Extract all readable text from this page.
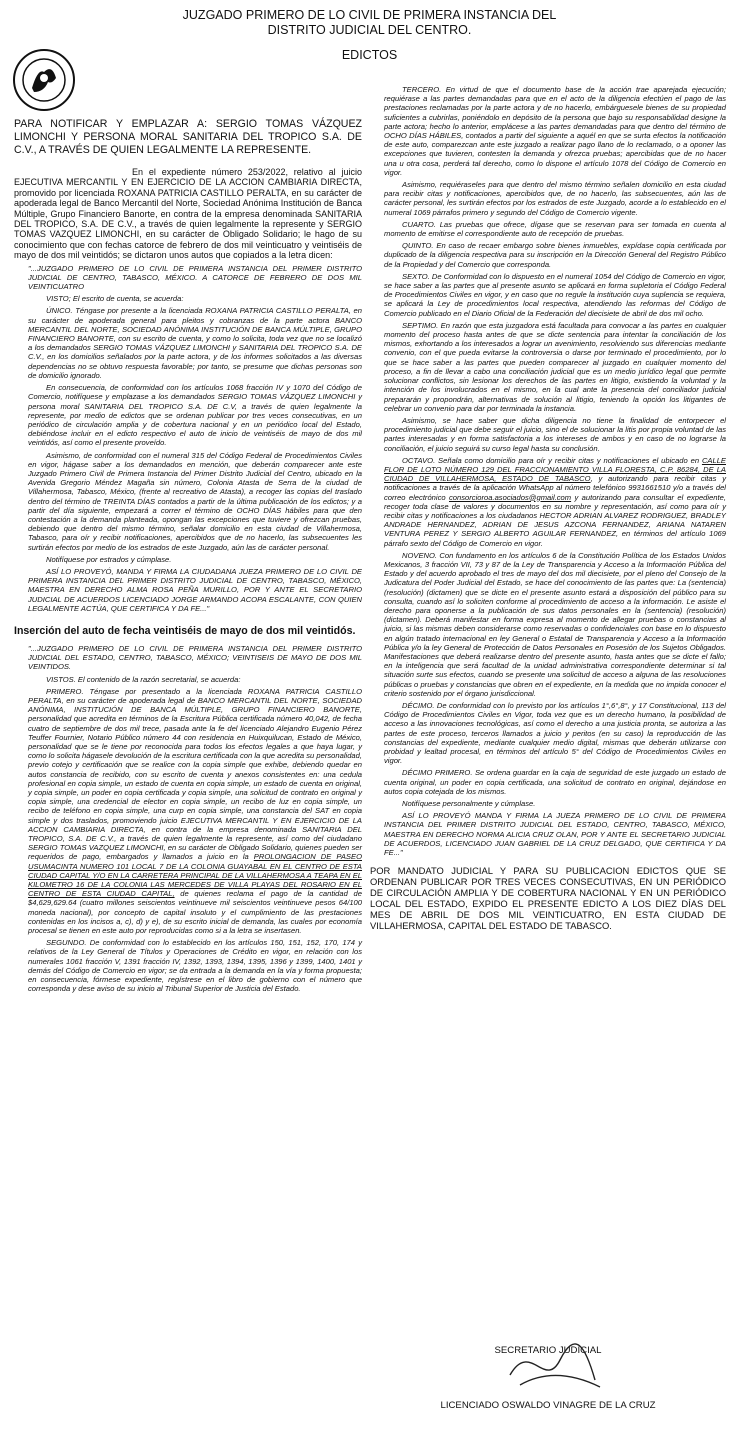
JUZGADO PRIMERO DE LO CIVIL DE PRIMERA INSTANCIA DEL
DISTRITO JUDICIAL DEL CENTRO.
EDICTOS

PARA NOTIFICAR Y EMPLAZAR A: SERGIO TOMAS VÁZQUEZ LIMONCHI Y PERSONA MORAL SANITARIA DEL TROPICO S.A. DE C.V., A TRAVÉS DE QUIEN LEGALMENTE LA REPRESENTE.

En el expediente número 253/2022, relativo al juicio EJECUTIVA MERCANTIL Y EN EJERCICIO DE LA ACCION CAMBIARIA DIRECTA, promovido por licenciada ROXANA PATRICIA CASTILLO PERALTA, en su carácter de apoderada legal de Banco Mercantil del Norte, Sociedad Anónima Institución de Banca Múltiple, Grupo Financiero Banorte, en contra de la empresa denominada SANITARIA DEL TROPICO, S.A. DE C.V., a través de quien legalmente la represente y SERGIO TOMAS VAZQUEZ LIMONCHI, en su carácter de Obligado Solidario; le hago de su conocimiento que con fechas catorce de febrero de dos mil veinticuatro y veintiséis de mayo de dos mil veintidós; se dictaron unos autos que copiados a la letra dicen:

"...JUZGADO PRIMERO DE LO CIVIL DE PRIMERA INSTANCIA DEL PRIMER DISTRITO JUDICIAL DE CENTRO, TABASCO, MÉXICO. A CATORCE DE FEBRERO DE DOS MIL VEINTICUATRO

VISTO; El escrito de cuenta, se acuerda:

ÚNICO. Téngase por presente a la licenciada ROXANA PATRICIA CASTILLO PERALTA, en su carácter de apoderada general para pleitos y cobranzas de la parte actora BANCO MERCANTIL DEL NORTE, SOCIEDAD ANÓNIMA INSTITUCIÓN DE BANCA MÚLTIPLE, GRUPO FINANCIERO BANORTE, con su escrito de cuenta, y como lo solicita, toda vez que no se localizó a los demandados SERGIO TOMAS VÁZQUEZ LIMONCHI y SANITARIA DEL TROPICO S.A. DE C.V., en los domicilios señalados por la parte actora, y de los informes solicitados a las diversas dependencias no se obtuvo respuesta favorable; por tanto, se presume que dichas personas son de domicilio ignorado.

En consecuencia, de conformidad con los artículos 1068 fracción IV y 1070 del Código de Comercio, notifíquese y emplazase a los demandados SERGIO TOMAS VÁZQUEZ LIMONCHI y persona moral SANITARIA DEL TROPICO S.A. DE C.V, a través de quien legalmente la represente, por medio de edictos que se ordenan publicar por tres veces consecutivas, en un periódico de circulación amplia y de cobertura nacional y en un periódico local del Estado, debiéndose incluir en el edicto respectivo el auto de inicio de veintiséis de mayo de dos mil veintidós, así como el presente proveído.

Asimismo, de conformidad con el numeral 315 del Código Federal de Procedimientos Civiles en vigor, hágase saber a los demandados en mención, que deberán comparecer ante este Juzgado Primero Civil de Primera Instancia del Primer Distrito Judicial del Centro, ubicado en la Avenida Gregorio Méndez Magaña sin número, Colonia Atasta de Serra de la ciudad de Villahermosa, Tabasco, México, (frente al recreativo de Atasta), a recoger las copias del traslado dentro del término de TREINTA DÍAS contados a partir de la última publicación de los edictos; y a partir del día siguiente, empezará a correr el término de OCHO DÍAS hábiles para que den contestación a la demanda planteada, opongan las excepciones que tuviere y ofrezcan pruebas, debiendo que dentro del mismo término, señalar domicilio en esta ciudad de Villahermosa, Tabasco, para oír y recibir notificaciones, apercibidos que de no hacerlo, las subsecuentes les surtirán efectos por medio de los estrados de este Juzgado, aún las de carácter personal.

Notifíquese por estrados y cúmplase.

ASÍ LO PROVEYÓ, MANDA Y FIRMA LA CIUDADANA JUEZA PRIMERO DE LO CIVIL DE PRIMERA INSTANCIA DEL PRIMER DISTRITO JUDICIAL DE CENTRO, TABASCO, MÉXICO, MAESTRA EN DERECHO ALMA ROSA PEÑA MURILLO, POR Y ANTE EL SECRETARIO JUDICIAL DE ACUERDOS LICENCIADO JORGE ARMANDO ACOPA ESCALANTE, CON QUIEN LEGALMENTE ACTÚA, QUE CERTIFICA Y DA FE..."

Inserción del auto de fecha veintiséis de mayo de dos mil veintidós.

"...JUZGADO PRIMERO DE LO CIVIL DE PRIMERA INSTANCIA DEL PRIMER DISTRITO JUDICIAL DEL ESTADO, CENTRO, TABASCO, MÉXICO; VEINTISEIS DE MAYO DE DOS MIL VEINTIDOS.

VISTOS. El contenido de la razón secretarial, se acuerda:

PRIMERO. Téngase por presentado a la licenciada ROXANA PATRICIA CASTILLO PERALTA, en su carácter de apoderada legal de BANCO MERCANTIL DEL NORTE, SOCIEDAD ANÓNIMA, INSTITUCIÓN DE BANCA MÚLTIPLE, GRUPO FINANCIERO BANORTE, personalidad que acredita en términos de la Escritura Pública certificada número 40,042, de fecha cuatro de septiembre de dos mil trece, pasada ante la fe del licenciado Alejandro Eugenio Pérez Teuffer Fournier, Notario Público número 44 con residencia en Huixquilucan, Estado de México, personalidad que se le tiene por reconocida para todos los efectos legales a que haya lugar, y como lo solicita hágasele devolución de la escritura certificada con la que acredita su personalidad, previo cotejo y certificación que se realice con la copia simple que exhibe, debiendo quedar en autos constancia de recibido, con su escrito de cuenta y anexos consistentes en: una cedula profesional en copia simple, un estado de cuenta en copia simple, un estado de cuenta en original, y copia simple, un poder en copia certificada y copia simple, una solicitud de contrato en original y copia simple, una credencial de elector en copia simple, un recibo de luz en copia simple, un recibo de teléfono en copia simple, una curp en copia simple, una constancia del SAT en copia simple y dos traslados, promoviendo juicio EJECUTIVA MERCANTIL Y EN EJERCICIO DE LA ACCION CAMBIARIA DIRECTA, en contra de la empresa denominada SANITARIA DEL TROPICO, S.A. DE C.V., a través de quien legalmente la represente, así como del ciudadano SERGIO TOMAS VAZQUEZ LIMONCHI, en su carácter de Obligado Solidario, quienes pueden ser requeridos de pago, embargados y llamados a juicio en la PROLONGACION DE PASEO USUMACINTA NUMERO 101 LOCAL 7 DE LA COLONIA GUAYABAL EN EL CENTRO DE ESTA CIUDAD CAPITAL Y/O EN LA CARRETERA PRINCIPAL DE LA VILLAHERMOSA A TEAPA EN EL KILOMETRO 16 DE LA COLONIA LAS MERCEDES DE VILLA PLAYAS DEL ROSARIO EN EL CENTRO DE ESTA CIUDAD CAPITAL, de quienes reclama el pago de la cantidad de $4,629,629.64 (cuatro millones seiscientos veintinueve mil seiscientos veintinueve pesos 64/100 moneda nacional), por concepto de capital insoluto y el cumplimiento de las prestaciones contenidas en los incisos a, c), d) y e), de su escrito inicial de demanda, las cuales por economía procesal se tienen en este auto por reproducidas como si a la letra se insertasen.

SEGUNDO. De conformidad con lo establecido en los artículos 150, 151, 152, 170, 174 y relativos de la Ley General de Títulos y Operaciones de Crédito en vigor, en relación con los numerales 1061 fracción V, 1391 fracción IV, 1392, 1393, 1394, 1395, 1396 y 1399, 1400, 1401 y demás del Código de Comercio en vigor; se da entrada a la demanda en la vía y forma propuesta; en consecuencia, fórmese expediente, regístrese en el libro de gobierno con el número que corresponda y dese aviso de su inicio al Tribunal Superior de Justicia del Estado.

TERCERO. En virtud de que el documento base de la acción trae aparejada ejecución; requiérase a las partes demandadas para que en el acto de la diligencia efectúen el pago de las prestaciones reclamadas por la parte actora y de no hacerlo, embárguesele bienes de su propiedad suficientes a cubrirlas, poniéndolo en depósito de la persona que bajo su responsabilidad designe la parte actora; hecho lo anterior, emplácese a las partes demandadas para que dentro del término de OCHO DÍAS HÁBILES, contados a partir del siguiente a aquél en que se surta efectos la notificación de este auto, comparezcan ante este juzgado a realizar pago llano de lo reclamado, o a oponer las excepciones que tuvieren, contesten la demanda y ofrezca pruebas; apercibidas que de no hacer una u otra cosa, perderá tal derecho, como lo dispone el artículo 1078 del Código de Comercio en vigor.

Asimismo, requiéraseles para que dentro del mismo término señalen domicilio en esta ciudad para recibir citas y notificaciones, apercibidos que, de no hacerlo, las subsecuentes, aún las de carácter personal, les surtirán efectos por los estrados de este Juzgado, acorde a lo establecido en el numeral 1069 párrafos primero y segundo del Código de Comercio vigente.

CUARTO. Las pruebas que ofrece, dígase que se reservan para ser tomada en cuenta al momento de emitirse el correspondiente auto de recepción de pruebas.

QUINTO. En caso de recaer embargo sobre bienes inmuebles, expídase copia certificada por duplicado de la diligencia respectiva para su inscripción en la Dirección General del Registro Público de la Propiedad y del Comercio que corresponda.

SEXTO. De Conformidad con lo dispuesto en el numeral 1054 del Código de Comercio en vigor, se hace saber a las partes que al presente asunto se aplicará en forma supletoria el Código Federal de Procedimientos Civiles en vigor, y en caso que no regule la institución cuya suplencia se requiera, se aplicará la Ley de procedimientos local respectiva, atendiendo las reformas del Código de Comercio publicado en el Diario Oficial de la Federación del diecisiete de abril de dos mil ocho.

SEPTIMO. En razón que esta juzgadora está facultada para convocar a las partes en cualquier momento del proceso hasta antes de que se dicte sentencia para intentar la conciliación de los mismos, exhortando a los interesados a lograr un avenimiento, resolviendo sus diferencias mediante convenio, con el que pueda evitarse la controversia o darse por terminado el procedimiento, por lo que se hace saber a las partes que pueden comparecer al juzgado en cualquier momento del proceso, a fin de llevar a cabo una conciliación judicial que es un medio jurídico legal que permite solucionar conflictos, sin lesionar los derechos de las partes en litigio, existiendo la voluntad y la intención de los involucrados en el mismo, en la cual ante la presencia del conciliador judicial prepararán y propondrán, alternativas de solución al litigio, teniendo la opción los litigantes de celebrar un convenio para dar por terminada la instancia.

Asimismo, se hace saber que dicha diligencia no tiene la finalidad de entorpecer el procedimiento judicial que debe seguir el juicio, sino el de solucionar la litis por propia voluntad de las partes interesadas y en forma satisfactoria a los intereses de ambos y en caso de no lograrse la conciliación, el juicio seguirá su curso legal hasta su conclusión.

OCTAVO. Señala como domicilio para oír y recibir citas y notificaciones el ubicado en CALLE FLOR DE LOTO NÚMERO 129 DEL FRACCIONAMIENTO VILLA FLORESTA, C.P. 86284, DE LA CIUDAD DE VILLAHERMOSA, ESTADO DE TABASCO, y autorizando para recibir citas y notificaciones a través de la aplicación WhatsApp al número telefónico 9931661510 y/o a través del correo electrónico consorcioroa.asociados@gmail.com y autorizando para consultar el expediente, recoger toda clase de valores y documentos en su nombre y representación, así como para oír y recibir citas y notificaciones a los ciudadanos HECTOR ADRIAN ALVAREZ RODRIGUEZ, BRADLEY ANDRADE HERNANDEZ, ADRIAN DE JESUS AZCONA FERNANDEZ, ARIANA NATAREN VENTURA PEREZ Y SERGIO ALBERTO AGUILAR FERNANDEZ, en términos del artículo 1069 párrafo sexto del Código de Comercio en vigor.

NOVENO. Con fundamento en los artículos 6 de la Constitución Política de los Estados Unidos Mexicanos, 3 fracción VII, 73 y 87 de la Ley de Transparencia y Acceso a la Información Pública del Estado y del acuerdo aprobado el tres de mayo del dos mil diecisiete, por el pleno del Consejo de la Judicatura del Poder Judicial del Estado, se hace del conocimiento de las partes que: La (sentencia) (resolución) (dictamen) que se dicte en el presente asunto estará a disposición del público para su consulta, cuando así lo soliciten conforme al procedimiento de acceso a la información. Le asiste el derecho para oponerse a la publicación de sus datos personales en la (sentencia) (resolución) (dictamen). Deberá manifestar en forma expresa al momento de allegar pruebas o constancias al juicio, si las mismas deben considerarse como reservadas o confidenciales con base en lo dispuesto en algún tratado internacional en ley General o Estatal de Transparencia y Acceso a la Información Pública y/o la ley General de Protección de Datos Personales en Posesión de los Sujetos Obligados. Manifestaciones que deberá realizarse dentro del presente asunto, hasta antes que se dicte el fallo; en la inteligencia que será facultad de la unidad administrativa correspondiente determinar si tal situación surte sus efectos, cuando se presente una solicitud de acceso a alguna de las resoluciones públicas o pruebas y constancias que obren en el expediente, en la medida que no impida conocer el criterio sostenido por el órgano jurisdiccional.

DÉCIMO. De conformidad con lo previsto por los artículos 1°,6°,8°, y 17 Constitucional, 113 del Código de Procedimientos Civiles en Vigor, toda vez que es un derecho humano, la posibilidad de acceso a las innovaciones tecnológicas, así como el derecho a una justicia pronta, se autoriza a las partes de este proceso, terceros llamados a juicio y peritos (en su caso) la reproducción de las constancias del expediente, mediante cualquier medio digital, mismas que deberán utilizarse con probidad y lealtad procesal, en términos del artículo 5° del Código de Procedimientos Civiles en vigor.

DÉCIMO PRIMERO. Se ordena guardar en la caja de seguridad de este juzgado un estado de cuenta original, un poder en copia certificada, una solicitud de contrato en original, dejándose en autos copia cotejada de los mismos.

Notifíquese personalmente y cúmplase.

ASÍ LO PROVEYÓ MANDA Y FIRMA LA JUEZA PRIMERO DE LO CIVIL DE PRIMERA INSTANCIA DEL PRIMER DISTRITO JUDICIAL DEL ESTADO, CENTRO, TABASCO, MÉXICO, MAESTRA EN DERECHO NORMA ALICIA CRUZ OLAN, POR Y ANTE EL SECRETARIO JUDICIAL DE ACUERDOS, LICENCIADO JUAN GABRIEL DE LA CRUZ DELGADO, QUE CERTIFICA Y DA FE..."

POR MANDATO JUDICIAL Y PARA SU PUBLICACION EDICTOS QUE SE ORDENAN PUBLICAR POR TRES VECES CONSECUTIVAS, EN UN PERIÓDICO DE CIRCULACIÓN AMPLIA Y DE COBERTURA NACIONAL Y EN UN PERIÓDICO LOCAL DEL ESTADO, EXPIDO EL PRESENTE EDICTO A LOS DIEZ DÍAS DEL MES DE ABRIL DE DOS MIL VEINTICUATRO, EN ESTA CIUDAD DE VILLAHERMOSA, CAPITAL DEL ESTADO DE TABASCO.

SECRETARIO JUDICIAL
LICENCIADO OSWALDO VINAGRE DE LA CRUZ
